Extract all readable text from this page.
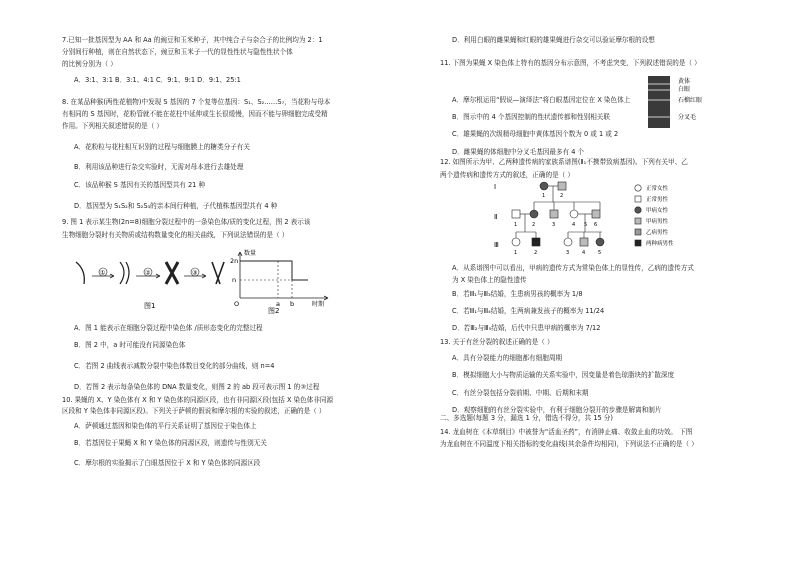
7.已知一批基因型为 AA 和 Aa 的豌豆和玉米种子，其中纯合子与杂合子的比例均为 2：1
分别间行种植，则在自然状态下，豌豆和玉米子一代的显性性状与隐性性状个体
的比例分别为（ ）
A．3:1、3:1 B．3:1、4:1 C．9:1、9:1 D．9:1、25:1
8. 在某品种猴(两性花植物)中发现 S 基因的 7 个复等位基因：S₁、S₂……S₇，当花粉与母本
有相同的 S 基因时，花粉管就不能在花柱中延伸或生长很缓慢，因而不能与卵细胞完成受精
作用。下列相关叙述错误的是（ ）
A．花粉粒与花柱相互识别的过程与细胞膜上的糖类分子有关
B．利用该品种进行杂交实验时，无需对母本进行去雄处理
C．该品种猴 S 基因有关的基因型共有 21 种
D．基因型为 S₁S₂和 S₂S₃的亲本间行种植，子代植株基因型共有 4 种
9. 图 1 表示某生物(2n=8)细胞分裂过程中的一条染色体/质的变化过程，图 2 表示该
生物细胞分裂时有关物质或结构数量变化的相关曲线，下列说法错误的是（ ）
①	②	③
图1
数量
2n
n
O	a b	时期
图2
A．图 1 能表示在细胞分裂过程中染色体 /质形态变化的完整过程
B．图 2 中，a 时可能没有同源染色体
C．若图 2 曲线表示减数分裂中染色体数目变化的部分曲线，则 n=4
D．若图 2 表示每条染色体的 DNA 数量变化，则图 2 的 ab 段可表示图 1 的③过程
10. 果蝇的 X、Y 染色体有 X 和 Y 染色体的同源区段，也有非同源区段(包括 X 染色体非同源
区段和 Y 染色体非同源区段)。下列关于萨顿的假说和摩尔根的实验的叙述，正确的是（ ）
A．萨顿通过基因和染色体的平行关系证明了基因位于染色体上
B．若基因位于果蝇 X 和 Y 染色体的同源区段，则遗传与性别无关
C．摩尔根的实验揭示了白眼基因位于 X 和 Y 染色体的同源区段
D．利用白眼的雌果蝇和红眼的雄果蝇进行杂交可以验证摩尔根的设想
11. 下图为果蝇 X 染色体上特有的基因分布示意图，不考虑突变，下列叙述错误的是（ ）
黄体
白眼
石榴红眼
分叉毛
A．摩尔根运用“假说—演绎法”将白眼基因定位在 X 染色体上
B．图示中的 4 个基因控制的性状遗传都和性别相关联
C．雄果蝇的次级精母细胞中黄体基因个数为 0 或 1 或 2
D．雌果蝇的体细胞中分叉毛基因最多有 4 个
12. 如图所示为甲、乙两种遗传病的家族系谱图(Ⅱ₁不携带致病基因)。下列有关甲、乙
两个遗传病和遗传方式的叙述，正确的是（ ）
Ⅰ
Ⅱ
Ⅲ
1	2
1	2	3	4 5 6
1	2	3	4	5
正常女性
正常男性
甲病女性
甲病男性
乙病男性
两种病男性
A．从系谱图中可以看出，甲病的遗传方式为常染色体上的显性传，乙病的遗传方式
为 X 染色体上的隐性遗传
B．若Ⅲ₁与Ⅲ₃结婚，生患病男孩的概率为 1/8
C．若Ⅲ₁与Ⅲ₄结婚，生两病兼发孩子的概率为 11/24
D．若Ⅲ₂与Ⅲ₅结婚，后代中只患甲病的概率为 7/12
13. 关于有丝分裂的叙述正确的是（ ）
A．具有分裂能力的细胞都有细胞周期
B．模拟细胞大小与物质运输的关系实验中，因变量是着色琼脂块的扩散深度
C．有丝分裂包括分裂前期、中期、后期和末期
D．观察细胞的有丝分裂实验中，有利于细胞分裂开的步骤是解离和制片
二、多选题(每题 3 分，漏选 1 分，错选不得分，共 15 分)
14. 龙血树在《本草纲目》中被誉为“活血圣药”，有消肿止痛、收敛止血的功效。 下图
为龙血树在不同温度下相关指标的变化曲线(其余条件均相同)，下列说法不正确的是（ ）
